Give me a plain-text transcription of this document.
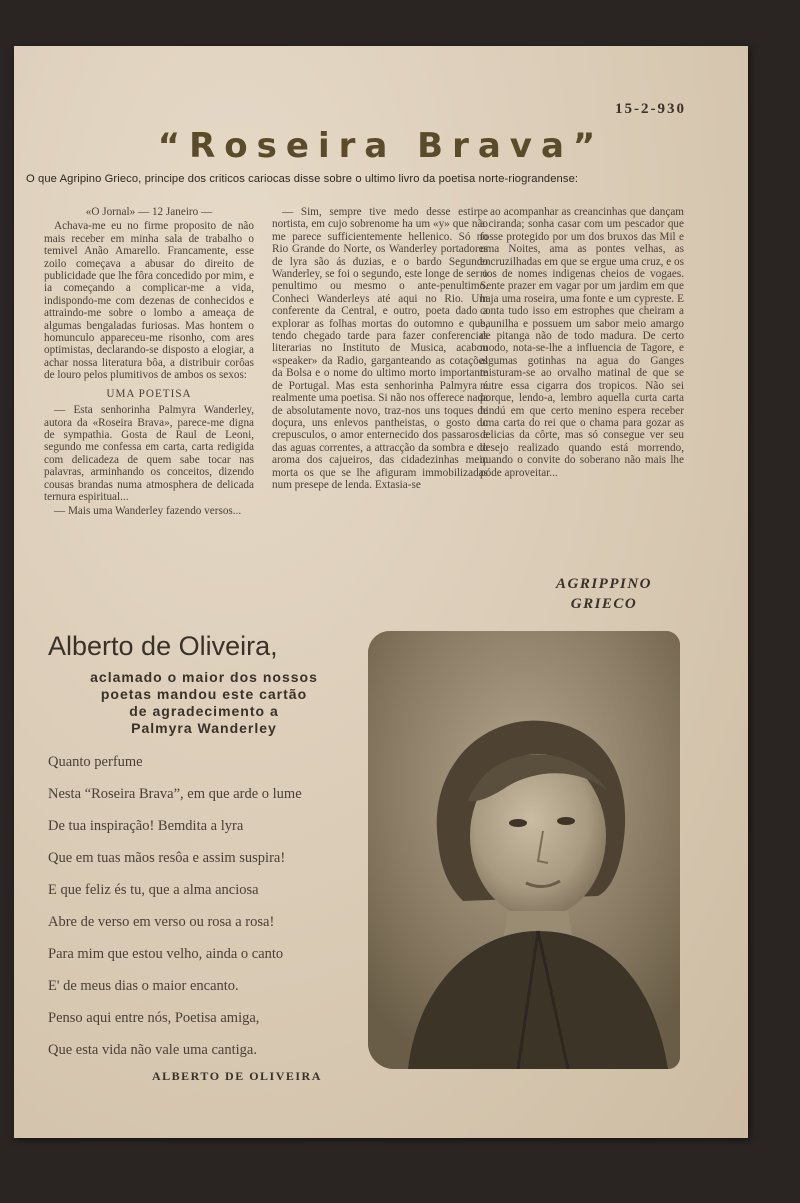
15-2-930
“Roseira Brava”
O que Agripino Grieco, principe dos criticos cariocas disse sobre o ultimo livro da poetisa norte-riograndense:

«O Jornal» — 12 Janeiro —

Achava-me eu no firme proposito de não mais receber em minha sala de trabalho o temivel Anão Amarello. Francamente, esse zoilo começava a abusar do direito de publicidade que lhe fôra concedido por mim, e ia começando a complicar-me a vida, indispondo-me com dezenas de conhecidos e attraindo-me sobre o lombo a ameaça de algumas bengaladas furiosas. Mas hontem o homunculo appareceu-me risonho, com ares optimistas, declarando-se disposto a elogiar, a achar nossa literatura bôa, a distribuir corôas de louro pelos plumitivos de ambos os sexos:

UMA POETISA

— Esta senhorinha Palmyra Wanderley, autora da «Roseira Brava», parece-me digna de sympathia. Gosta de Raul de Leoni, segundo me confessa em carta, carta redigida com delicadeza de quem sabe tocar nas palavras, arminhando os conceitos, dizendo cousas brandas numa atmosphera de delicada ternura espiritual...

— Mais uma Wanderley fazendo versos...

— Sim, sempre tive medo desse estirpe nortista, em cujo sobrenome ha um «y» que não me parece sufficientemente hellenico. Só no Rio Grande do Norte, os Wanderley portadores de lyra são ás duzias, e o bardo Segundo Wanderley, se foi o segundo, este longe de ser o penultimo ou mesmo o ante-penultimo. Conheci Wanderleys até aqui no Rio. Um conferente da Central, e outro, poeta dado a explorar as folhas mortas do outomno e que, tendo chegado tarde para fazer conferencias literarias no Instituto de Musica, acabou «speaker» da Radio, garganteando as cotações da Bolsa e o nome do ultimo morto importante de Portugal. Mas esta senhorinha Palmyra é realmente uma poetisa. Si não nos offerece nada de absolutamente novo, traz-nos uns toques de doçura, uns enlevos pantheistas, o gosto do crepusculos, o amor enternecido dos passaros e das aguas correntes, a attracção da sombra e do aroma dos cajueiros, das cidadezinhas meio morta os que se lhe afiguram immobilizadas num presepe de lenda. Extasia-se

ao acompanhar as creancinhas que dançam a ciranda; sonha casar com um pescador que fosse protegido por um dos bruxos das Mil e uma Noites, ama as pontes velhas, as encruzilhadas em que se ergue uma cruz, e os rios de nomes indigenas cheios de vogaes. Sente prazer em vagar por um jardim em que haja uma roseira, uma fonte e um cypreste. E conta tudo isso em estrophes que cheiram a baunilha e possuem um sabor meio amargo de pitanga não de todo madura. De certo modo, nota-se-lhe a influencia de Tagore, e algumas gotinhas na agua do Ganges misturam-se ao orvalho matinal de que se nutre essa cigarra dos tropicos. Não sei porque, lendo-a, lembro aquella curta carta hindú em que certo menino espera receber uma carta do rei que o chama para gozar as delicias da côrte, mas só consegue ver seu desejo realizado quando está morrendo, quando o convite do soberano não mais lhe póde aproveitar...

AGRIPPINO
GRIECO
Alberto de Oliveira,
aclamado o maior dos nossos
poetas mandou este cartão
de agradecimento a
Palmyra Wanderley
Quanto perfume
Nesta “Roseira Brava”, em que arde o lume
De tua inspiração! Bemdita a lyra
Que em tuas mãos resôa e assim suspira!
E que feliz és tu, que a alma anciosa
Abre de verso em verso ou rosa a rosa!
Para mim que estou velho, ainda o canto
E' de meus dias o maior encanto.
Penso aqui entre nós, Poetisa amiga,
Que esta vida não vale uma cantiga.
ALBERTO DE OLIVEIRA
